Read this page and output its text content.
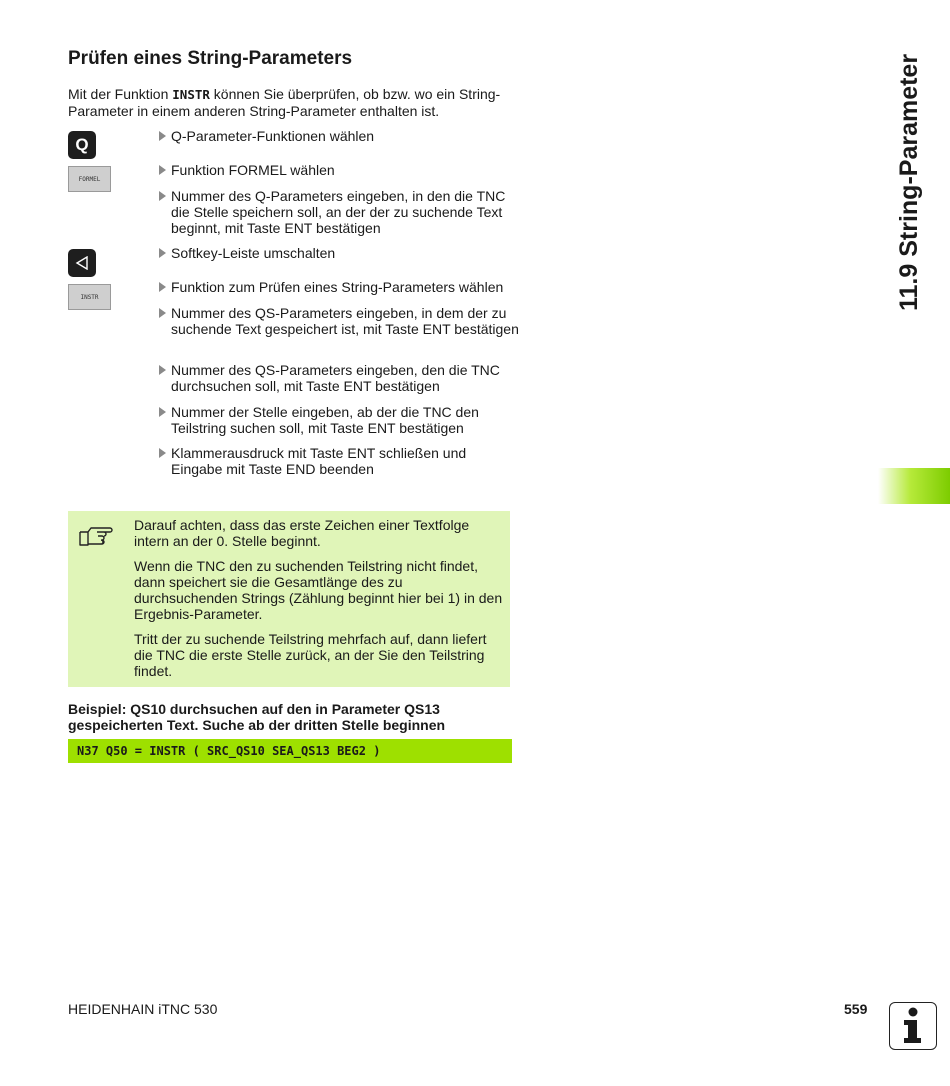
Prüfen eines String-Parameters
Mit der Funktion INSTR können Sie überprüfen, ob bzw. wo ein String-Parameter in einem anderen String-Parameter enthalten ist.
Q
FORMEL
INSTR
Q-Parameter-Funktionen wählen
Funktion FORMEL wählen
Nummer des Q-Parameters eingeben, in den die TNC die Stelle speichern soll, an der der zu suchende Text beginnt, mit Taste ENT bestätigen
Softkey-Leiste umschalten
Funktion zum Prüfen eines String-Parameters wählen
Nummer des QS-Parameters eingeben, in dem der zu suchende Text gespeichert ist, mit Taste ENT bestätigen
Nummer des QS-Parameters eingeben, den die TNC durchsuchen soll, mit Taste ENT bestätigen
Nummer der Stelle eingeben, ab der die TNC den Teilstring suchen soll, mit Taste ENT bestätigen
Klammerausdruck mit Taste ENT schließen und Eingabe mit Taste END beenden

Darauf achten, dass das erste Zeichen einer Textfolge intern an der 0. Stelle beginnt.

Wenn die TNC den zu suchenden Teilstring nicht findet, dann speichert sie die Gesamtlänge des zu durchsuchenden Strings (Zählung beginnt hier bei 1) in den Ergebnis-Parameter.

Tritt der zu suchende Teilstring mehrfach auf, dann liefert die TNC die erste Stelle zurück, an der Sie den Teilstring findet.

Beispiel: QS10 durchsuchen auf den in Parameter QS13 gespeicherten Text. Suche ab der dritten Stelle beginnen
N37 Q50 = INSTR ( SRC_QS10 SEA_QS13 BEG2 )
11.9 String-Parameter
HEIDENHAIN iTNC 530	559
